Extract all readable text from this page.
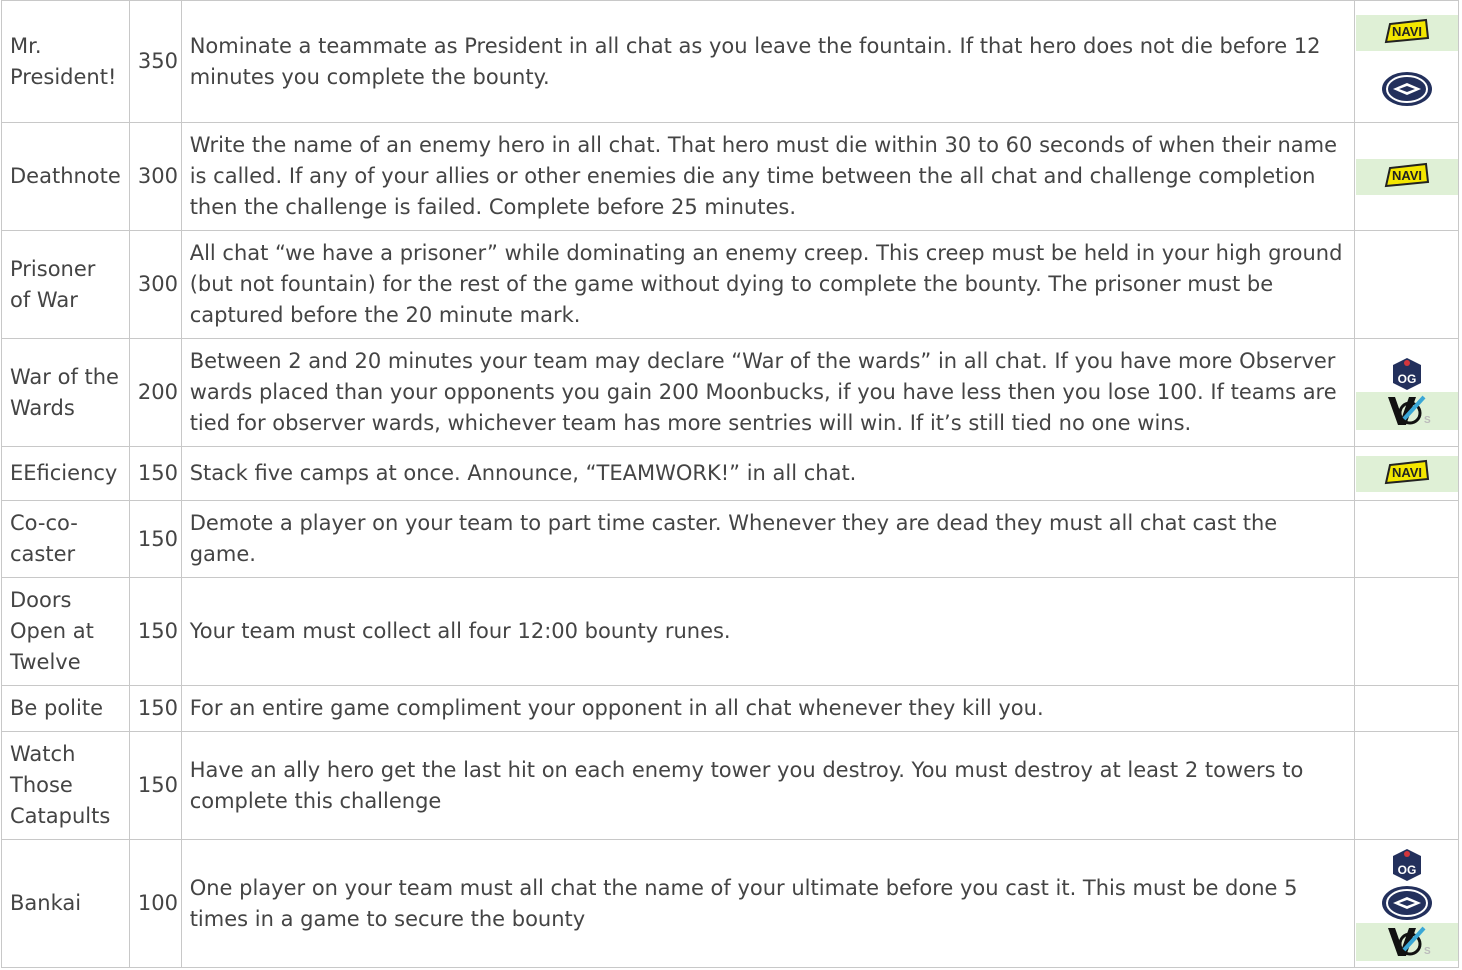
Mr. President!	350	Nominate a teammate as President in all chat as you leave the fountain. If that hero does not die before 12 minutes you complete the bounty.	NAVI

Deathnote	300	Write the name of an enemy hero in all chat. That hero must die within 30 to 60 seconds of when their name is called. If any of your allies or other enemies die any time between the all chat and challenge completion then the challenge is failed. Complete before 25 minutes.	NAVI

Prisoner of War	300	All chat “we have a prisoner” while dominating an enemy creep. This creep must be held in your high ground (but not fountain) for the rest of the game without dying to complete the bounty. The prisoner must be captured before the 20 minute mark.	
War of the Wards	200	Between 2 and 20 minutes your team may declare “War of the wards” in all chat. If you have more Observer wards placed than your opponents you gain 200 Moonbucks, if you have less then you lose 100. If teams are tied for observer wards, whichever team has more sentries will win. If it’s still tied no one wins.	OG
S

EEficiency	150	Stack five camps at once. Announce, “TEAMWORK!” in all chat.	NAVI

Co-co-caster	150	Demote a player on your team to part time caster. Whenever they are dead they must all chat cast the game.	
Doors Open at Twelve	150	Your team must collect all four 12:00 bounty runes.	
Be polite	150	For an entire game compliment your opponent in all chat whenever they kill you.	
Watch Those Catapults	150	Have an ally hero get the last hit on each enemy tower you destroy. You must destroy at least 2 towers to complete this challenge	
Bankai	100	One player on your team must all chat the name of your ultimate before you cast it. This must be done 5 times in a game to secure the bounty	OG
S
